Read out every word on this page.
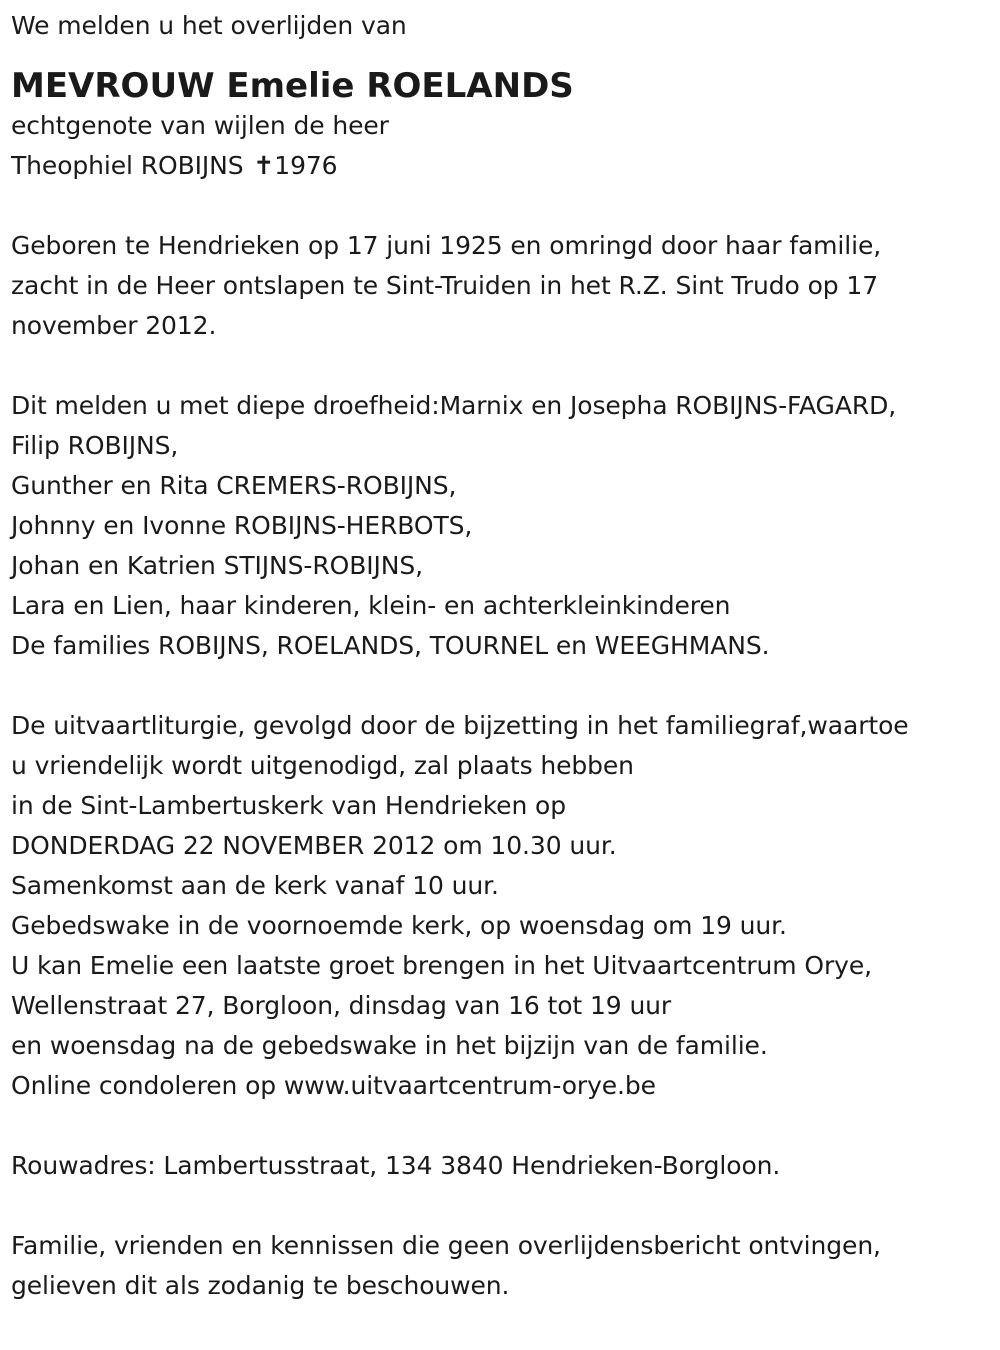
We melden u het overlijden van
MEVROUW Emelie ROELANDS
echtgenote van wijlen de heer
Theophiel ROBIJNS ✝1976
Geboren te Hendrieken op 17 juni 1925 en omringd door haar familie,
zacht in de Heer ontslapen te Sint-Truiden in het R.Z. Sint Trudo op 17
november 2012.
Dit melden u met diepe droefheid:Marnix en Josepha ROBIJNS-FAGARD,
Filip ROBIJNS,
Gunther en Rita CREMERS-ROBIJNS,
Johnny en Ivonne ROBIJNS-HERBOTS,
Johan en Katrien STIJNS-ROBIJNS,
Lara en Lien, haar kinderen, klein- en achterkleinkinderen
De families ROBIJNS, ROELANDS, TOURNEL en WEEGHMANS.
De uitvaartliturgie, gevolgd door de bijzetting in het familiegraf,waartoe
u vriendelijk wordt uitgenodigd, zal plaats hebben
in de Sint-Lambertuskerk van Hendrieken op
DONDERDAG 22 NOVEMBER 2012 om 10.30 uur.
Samenkomst aan de kerk vanaf 10 uur.
Gebedswake in de voornoemde kerk, op woensdag om 19 uur.
U kan Emelie een laatste groet brengen in het Uitvaartcentrum Orye,
Wellenstraat 27, Borgloon, dinsdag van 16 tot 19 uur
en woensdag na de gebedswake in het bijzijn van de familie.
Online condoleren op www.uitvaartcentrum-orye.be
Rouwadres: Lambertusstraat, 134 3840 Hendrieken-Borgloon.
Familie, vrienden en kennissen die geen overlijdensbericht ontvingen,
gelieven dit als zodanig te beschouwen.
